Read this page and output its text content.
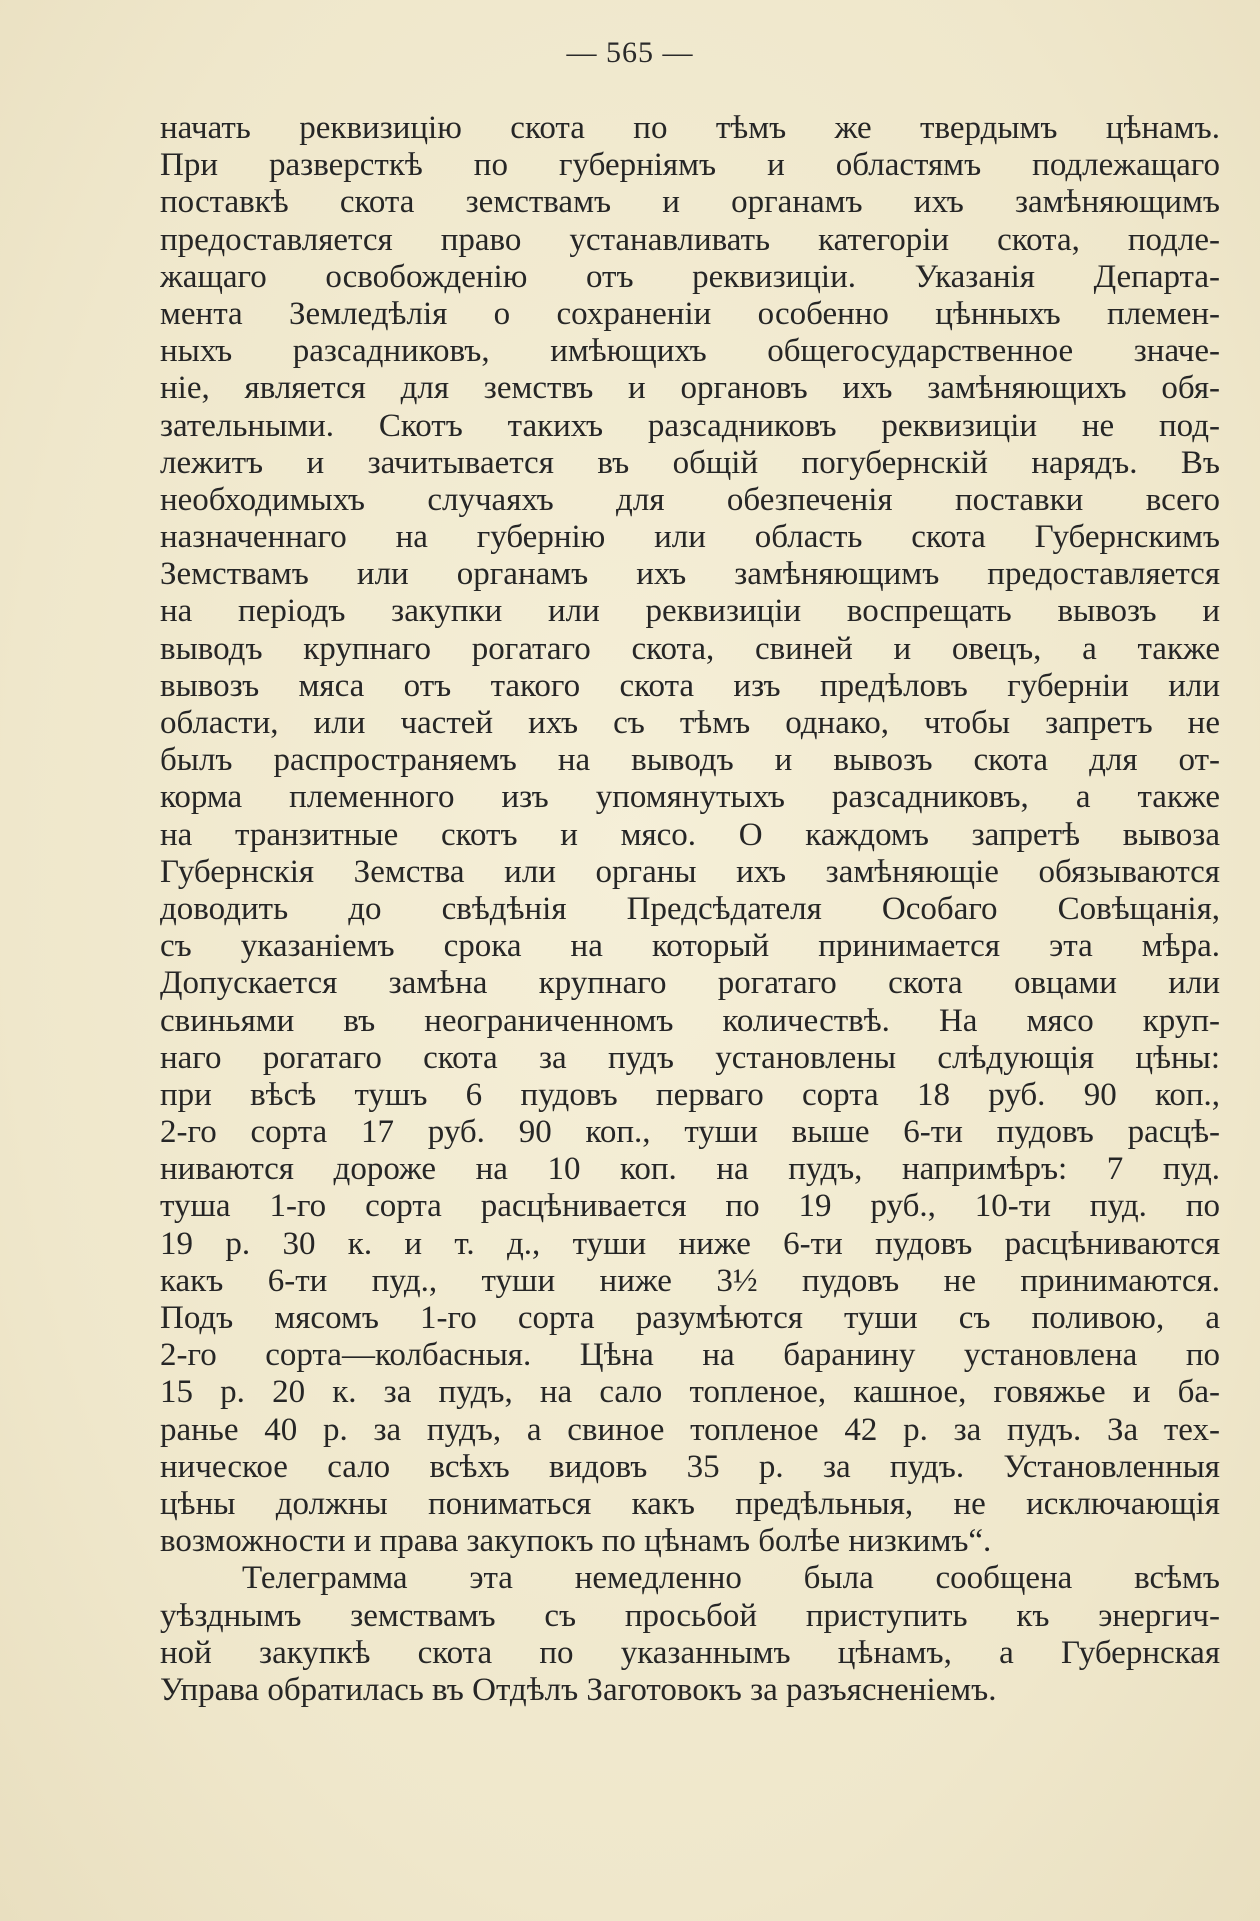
— 565 —
начать реквизицію скота по тѣмъ же твердымъ цѣнамъ.
При разверсткѣ по губерніямъ и областямъ подлежащаго
поставкѣ скота земствамъ и органамъ ихъ замѣняющимъ
предоставляется право устанавливать категоріи скота, подле-
жащаго освобожденію отъ реквизиціи. Указанія Департа-
мента Земледѣлія о сохраненіи особенно цѣнныхъ племен-
ныхъ разсадниковъ, имѣющихъ общегосударственное значе-
ніе, является для земствъ и органовъ ихъ замѣняющихъ обя-
зательными. Скотъ такихъ разсадниковъ реквизиціи не под-
лежитъ и зачитывается въ общій погубернскій нарядъ. Въ
необходимыхъ случаяхъ для обезпеченія поставки всего
назначеннаго на губернію или область скота Губернскимъ
Земствамъ или органамъ ихъ замѣняющимъ предоставляется
на періодъ закупки или реквизиціи воспрещать вывозъ и
выводъ крупнаго рогатаго скота, свиней и овецъ, а также
вывозъ мяса отъ такого скота изъ предѣловъ губерніи или
области, или частей ихъ съ тѣмъ однако, чтобы запретъ не
былъ распространяемъ на выводъ и вывозъ скота для от-
корма племенного изъ упомянутыхъ разсадниковъ, а также
на транзитные скотъ и мясо. О каждомъ запретѣ вывоза
Губернскія Земства или органы ихъ замѣняющіе обязываются
доводить до свѣдѣнія Предсѣдателя Особаго Совѣщанія,
съ указаніемъ срока на который принимается эта мѣра.
Допускается замѣна крупнаго рогатаго скота овцами или
свиньями въ неограниченномъ количествѣ. На мясо круп-
наго рогатаго скота за пудъ установлены слѣдующія цѣны:
при вѣсѣ тушъ 6 пудовъ перваго сорта 18 руб. 90 коп.,
2-го сорта 17 руб. 90 коп., туши выше 6-ти пудовъ расцѣ-
ниваются дороже на 10 коп. на пудъ, напримѣръ: 7 пуд.
туша 1-го сорта расцѣнивается по 19 руб., 10-ти пуд. по
19 р. 30 к. и т. д., туши ниже 6-ти пудовъ расцѣниваются
какъ 6-ти пуд., туши ниже 3½ пудовъ не принимаются.
Подъ мясомъ 1-го сорта разумѣются туши съ поливою, а
2-го сорта—колбасныя. Цѣна на баранину установлена по
15 р. 20 к. за пудъ, на сало топленое, кашное, говяжье и ба-
ранье 40 р. за пудъ, а свиное топленое 42 р. за пудъ. За тех-
ническое сало всѣхъ видовъ 35 р. за пудъ. Установленныя
цѣны должны пониматься какъ предѣльныя, не исключающія
возможности и права закупокъ по цѣнамъ болѣе низкимъ“.
Телеграмма эта немедленно была сообщена всѣмъ
уѣзднымъ земствамъ съ просьбой приступить къ энергич-
ной закупкѣ скота по указаннымъ цѣнамъ, а Губернская
Управа обратилась въ Отдѣлъ Заготовокъ за разъясненіемъ.
